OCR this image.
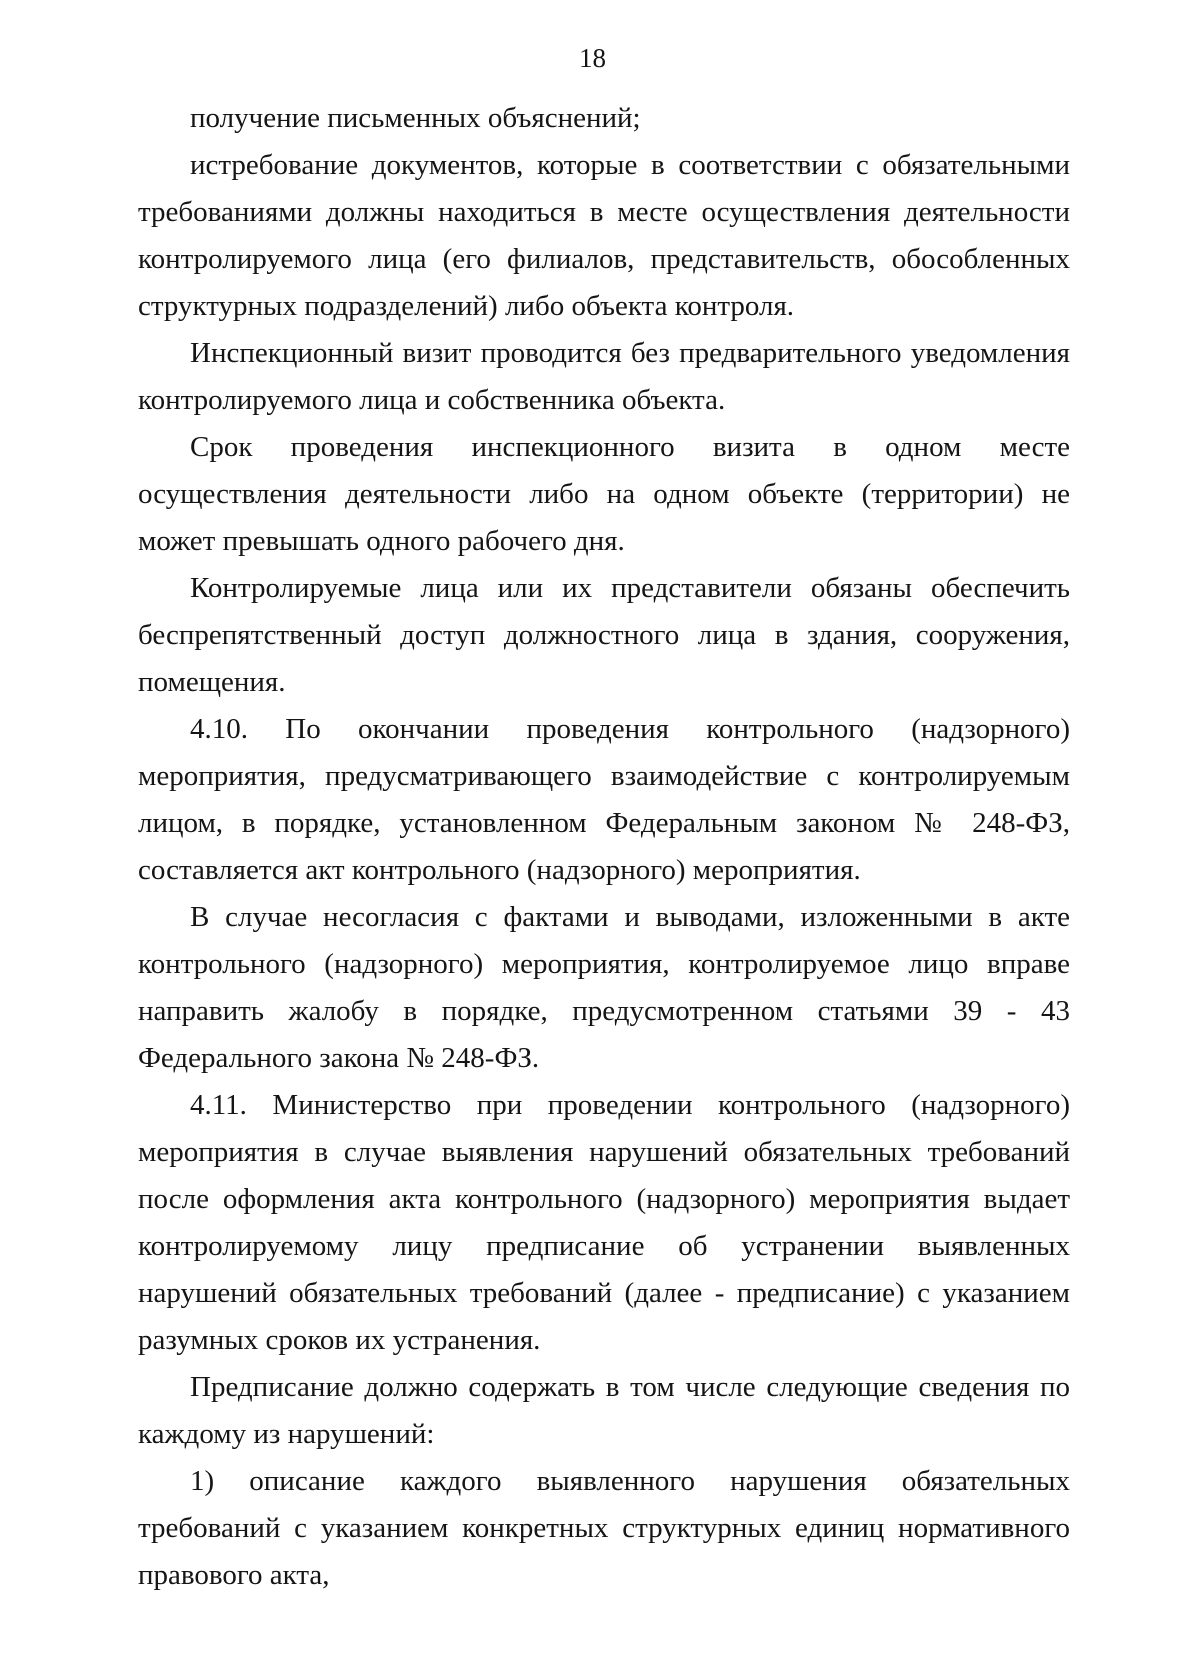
18

получение письменных объяснений;

истребование документов, которые в соответствии с обязательными требованиями должны находиться в месте осуществления деятельности контролируемого лица (его филиалов, представительств, обособленных структурных подразделений) либо объекта контроля.

Инспекционный визит проводится без предварительного уведомления контролируемого лица и собственника объекта.

Срок проведения инспекционного визита в одном месте осуществления деятельности либо на одном объекте (территории) не может превышать одного рабочего дня.

Контролируемые лица или их представители обязаны обеспечить беспрепятственный доступ должностного лица в здания, сооружения, помещения.

4.10. По окончании проведения контрольного (надзорного) мероприятия, предусматривающего взаимодействие с контролируемым лицом, в порядке, установленном Федеральным законом № 248-ФЗ, составляется акт контрольного (надзорного) мероприятия.

В случае несогласия с фактами и выводами, изложенными в акте контрольного (надзорного) мероприятия, контролируемое лицо вправе направить жалобу в порядке, предусмотренном статьями 39 - 43 Федерального закона № 248-ФЗ.

4.11. Министерство при проведении контрольного (надзорного) мероприятия в случае выявления нарушений обязательных требований после оформления акта контрольного (надзорного) мероприятия выдает контролируемому лицу предписание об устранении выявленных нарушений обязательных требований (далее - предписание) с указанием разумных сроков их устранения.

Предписание должно содержать в том числе следующие сведения по каждому из нарушений:

1) описание каждого выявленного нарушения обязательных требований с указанием конкретных структурных единиц нормативного правового акта,
